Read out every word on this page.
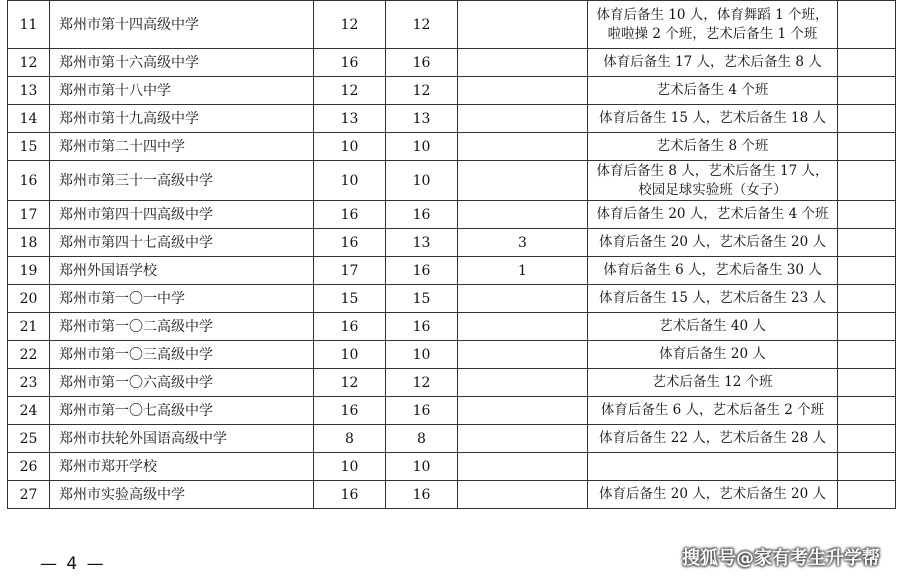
11	郑州市第十四高级中学	12	12		体育后备生 10 人，体育舞蹈 1 个班，啦啦操 2 个班，艺术后备生 1 个班	
12	郑州市第十六高级中学	16	16		体育后备生 17 人，艺术后备生 8 人	
13	郑州市第十八中学	12	12		艺术后备生 4 个班	
14	郑州市第十九高级中学	13	13		体育后备生 15 人，艺术后备生 18 人	
15	郑州市第二十四中学	10	10		艺术后备生 8 个班	
16	郑州市第三十一高级中学	10	10		体育后备生 8 人，艺术后备生 17 人，校园足球实验班（女子）	
17	郑州市第四十四高级中学	16	16		体育后备生 20 人，艺术后备生 4 个班	
18	郑州市第四十七高级中学	16	13	3	体育后备生 20 人，艺术后备生 20 人	
19	郑州外国语学校	17	16	1	体育后备生 6 人，艺术后备生 30 人	
20	郑州市第一〇一中学	15	15		体育后备生 15 人，艺术后备生 23 人	
21	郑州市第一〇二高级中学	16	16		艺术后备生 40 人	
22	郑州市第一〇三高级中学	10	10		体育后备生 20 人	
23	郑州市第一〇六高级中学	12	12		艺术后备生 12 个班	
24	郑州市第一〇七高级中学	16	16		体育后备生 6 人，艺术后备生 2 个班	
25	郑州市扶轮外国语高级中学	8	8		体育后备生 22 人，艺术后备生 28 人	
26	郑州市郑开学校	10	10			
27	郑州市实验高级中学	16	16		体育后备生 20 人，艺术后备生 20 人	
— 4 —	搜狐号@家有考生升学帮
